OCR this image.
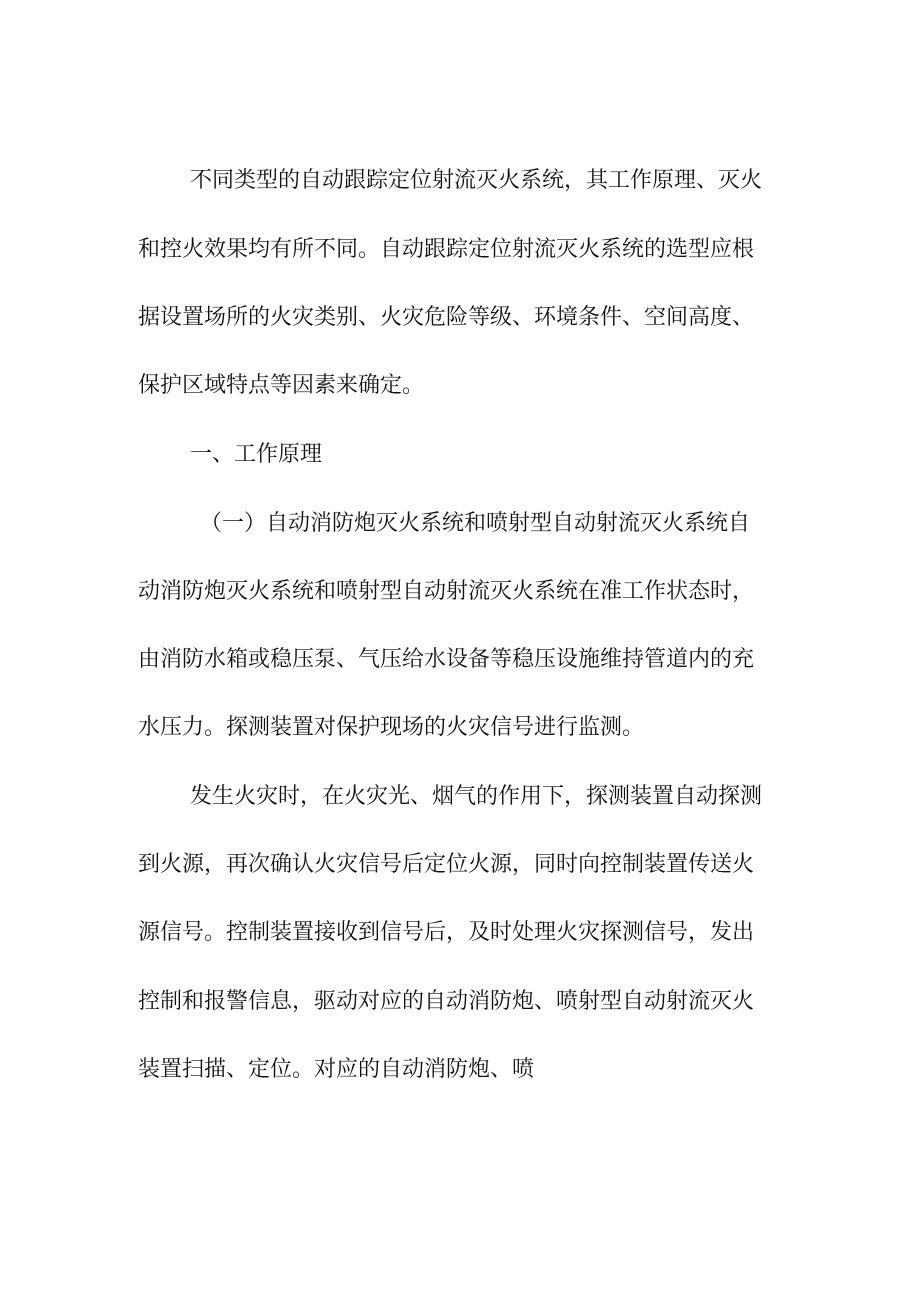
不同类型的自动跟踪定位射流灭火系统，其工作原理、灭火

和控火效果均有所不同。自动跟踪定位射流灭火系统的选型应根

据设置场所的火灾类别、火灾危险等级、环境条件、空间高度、

保护区域特点等因素来确定。

一、工作原理

（一）自动消防炮灭火系统和喷射型自动射流灭火系统自

动消防炮灭火系统和喷射型自动射流灭火系统在准工作状态时，

由消防水箱或稳压泵、气压给水设备等稳压设施维持管道内的充

水压力。探测装置对保护现场的火灾信号进行监测。

发生火灾时，在火灾光、烟气的作用下，探测装置自动探测

到火源，再次确认火灾信号后定位火源，同时向控制装置传送火

源信号。控制装置接收到信号后，及时处理火灾探测信号，发出

控制和报警信息，驱动对应的自动消防炮、喷射型自动射流灭火

装置扫描、定位。对应的自动消防炮、喷
